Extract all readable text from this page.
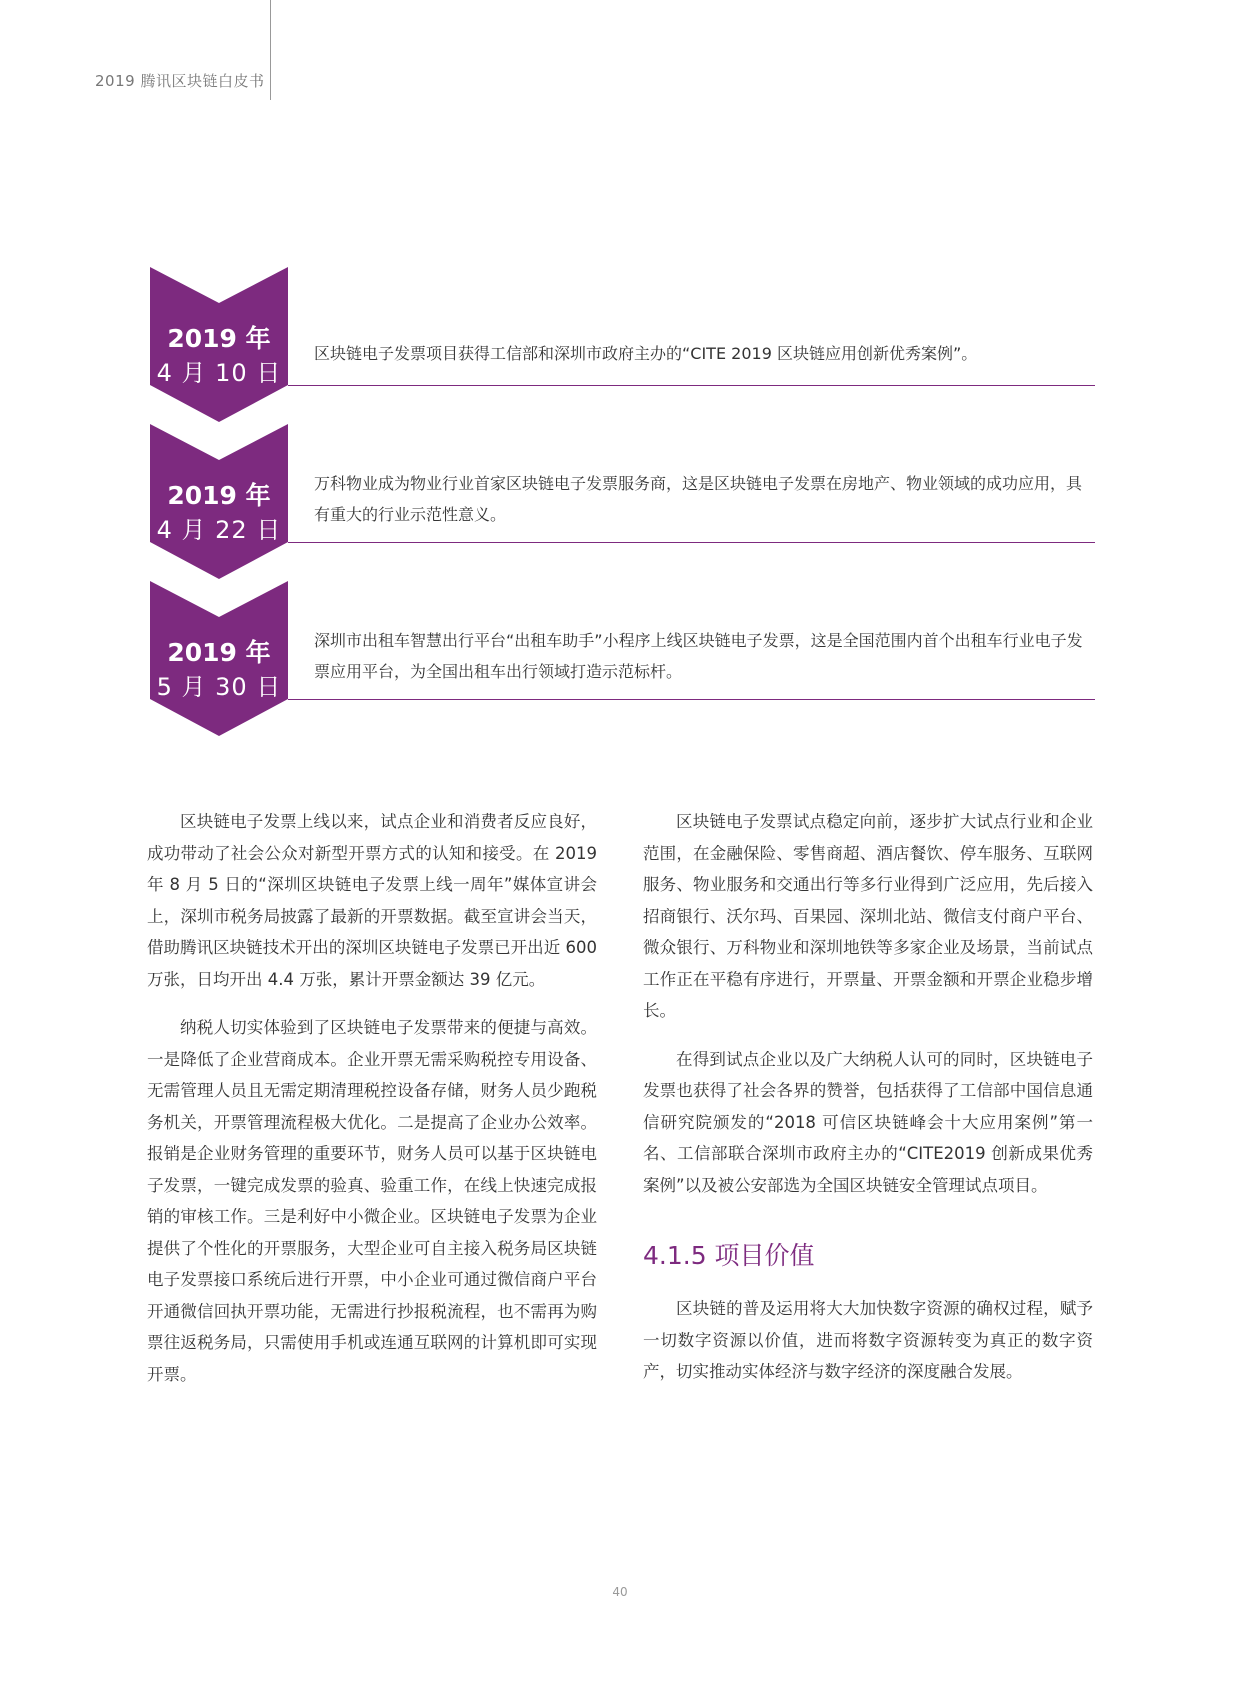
2019 腾讯区块链白皮书
2019 年
4 月 10 日
区块链电子发票项目获得工信部和深圳市政府主办的“CITE 2019 区块链应用创新优秀案例”。
2019 年
4 月 22 日
万科物业成为物业行业首家区块链电子发票服务商，这是区块链电子发票在房地产、物业领域的成功应用，具有重大的行业示范性意义。
2019 年
5 月 30 日
深圳市出租车智慧出行平台“出租车助手”小程序上线区块链电子发票，这是全国范围内首个出租车行业电子发票应用平台，为全国出租车出行领域打造示范标杆。

区块链电子发票上线以来，试点企业和消费者反应良好，成功带动了社会公众对新型开票方式的认知和接受。在 2019 年 8 月 5 日的“深圳区块链电子发票上线一周年”媒体宣讲会上，深圳市税务局披露了最新的开票数据。截至宣讲会当天，借助腾讯区块链技术开出的深圳区块链电子发票已开出近 600 万张，日均开出 4.4 万张，累计开票金额达 39 亿元。

纳税人切实体验到了区块链电子发票带来的便捷与高效。一是降低了企业营商成本。企业开票无需采购税控专用设备、无需管理人员且无需定期清理税控设备存储，财务人员少跑税务机关，开票管理流程极大优化。二是提高了企业办公效率。报销是企业财务管理的重要环节，财务人员可以基于区块链电子发票，一键完成发票的验真、验重工作，在线上快速完成报销的审核工作。三是利好中小微企业。区块链电子发票为企业提供了个性化的开票服务，大型企业可自主接入税务局区块链电子发票接口系统后进行开票，中小企业可通过微信商户平台开通微信回执开票功能，无需进行抄报税流程，也不需再为购票往返税务局，只需使用手机或连通互联网的计算机即可实现开票。

区块链电子发票试点稳定向前，逐步扩大试点行业和企业范围，在金融保险、零售商超、酒店餐饮、停车服务、互联网服务、物业服务和交通出行等多行业得到广泛应用，先后接入招商银行、沃尔玛、百果园、深圳北站、微信支付商户平台、微众银行、万科物业和深圳地铁等多家企业及场景，当前试点工作正在平稳有序进行，开票量、开票金额和开票企业稳步增长。

在得到试点企业以及广大纳税人认可的同时，区块链电子发票也获得了社会各界的赞誉，包括获得了工信部中国信息通信研究院颁发的“2018 可信区块链峰会十大应用案例”第一名、工信部联合深圳市政府主办的“CITE2019 创新成果优秀案例”以及被公安部选为全国区块链安全管理试点项目。

4.1.5 项目价值

区块链的普及运用将大大加快数字资源的确权过程，赋予一切数字资源以价值，进而将数字资源转变为真正的数字资产，切实推动实体经济与数字经济的深度融合发展。

40
